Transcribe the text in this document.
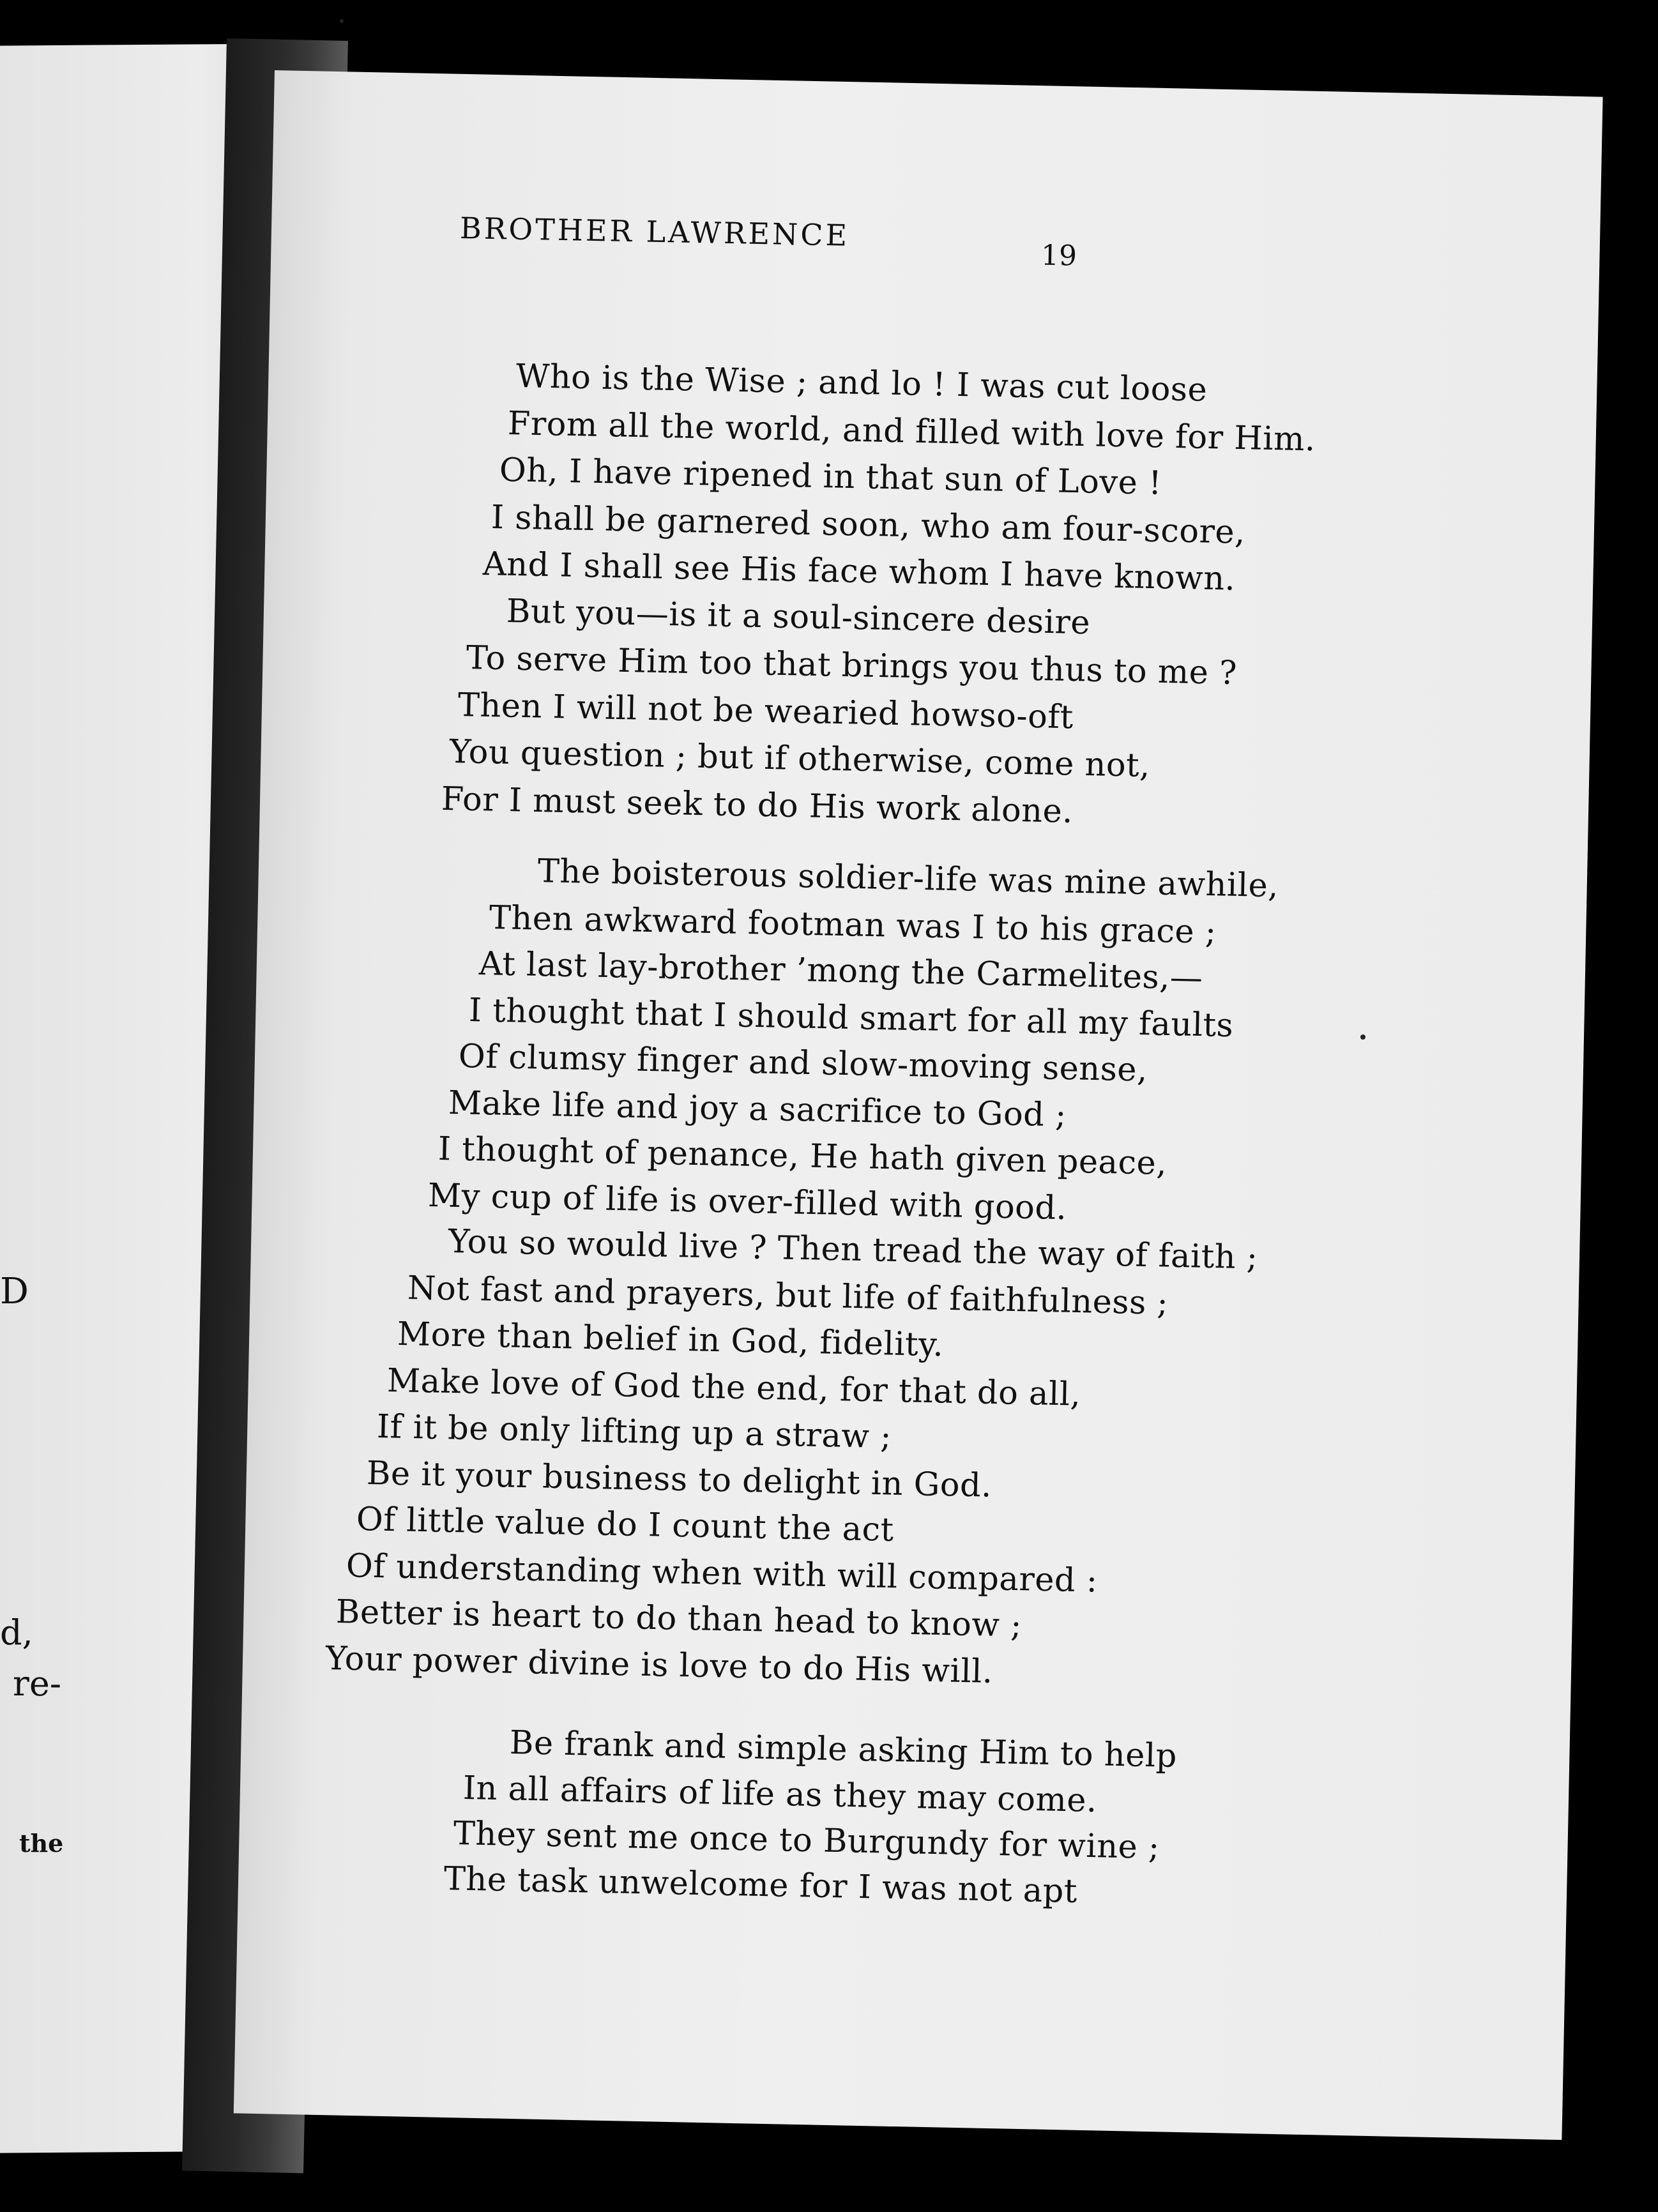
D
d,
re-
the
BROTHER LAWRENCE
19
Who is the Wise ; and lo ! I was cut loose
From all the world, and filled with love for Him.
Oh, I have ripened in that sun of Love !
I shall be garnered soon, who am four-score,
And I shall see His face whom I have known.
But you—is it a soul-sincere desire
To serve Him too that brings you thus to me ?
Then I will not be wearied howso-oft
You question ; but if otherwise, come not,
For I must seek to do His work alone.
The boisterous soldier-life was mine awhile,
Then awkward footman was I to his grace ;
At last lay-brother ’mong the Carmelites,—
I thought that I should smart for all my faults
Of clumsy finger and slow-moving sense,
Make life and joy a sacrifice to God ;
I thought of penance, He hath given peace,
My cup of life is over-filled with good.
You so would live ? Then tread the way of faith ;
Not fast and prayers, but life of faithfulness ;
More than belief in God, fidelity.
Make love of God the end, for that do all,
If it be only lifting up a straw ;
Be it your business to delight in God.
Of little value do I count the act
Of understanding when with will compared :
Better is heart to do than head to know ;
Your power divine is love to do His will.
Be frank and simple asking Him to help
In all affairs of life as they may come.
They sent me once to Burgundy for wine ;
The task unwelcome for I was not apt
